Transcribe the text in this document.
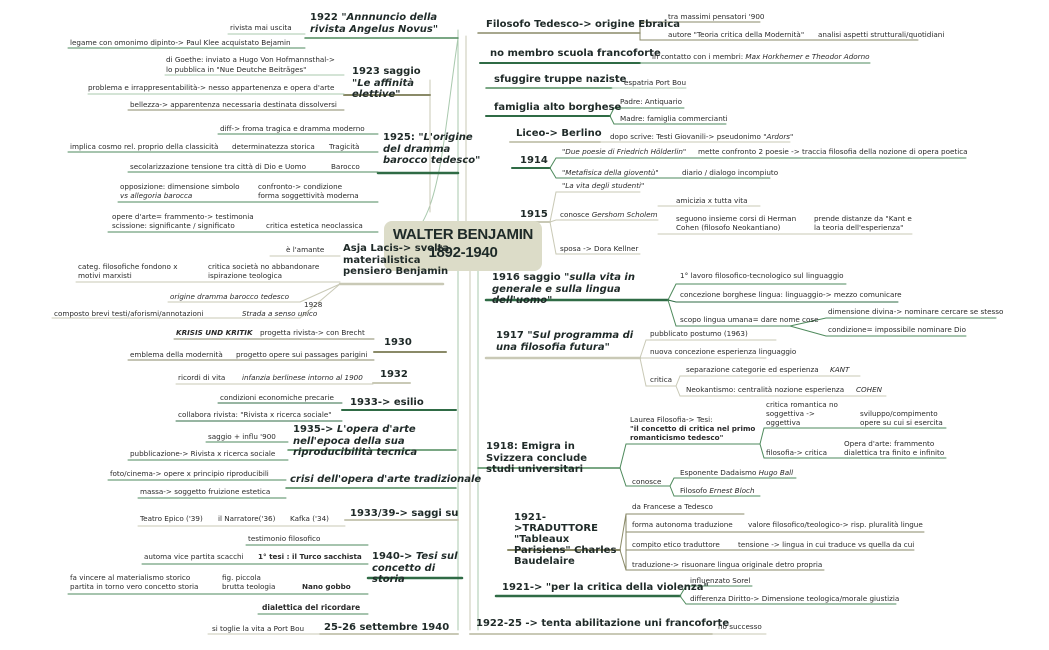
WALTER BENJAMIN
1892-1940
1922 "Annnuncio della rivista Angelus Novus"
rivista mai uscita
legame con omonimo dipinto-> Paul Klee acquistato Bejamin
1923 saggio "Le affinità elettive"
di Goethe: inviato a Hugo Von Hofmannsthal->
lo pubblica in "Nue Deutche Beiträges"
problema e irrappresentabilità-> nesso appartenenza e opera d'arte
bellezza-> apparentenza necessaria destinata dissolversi
1925: "L'origine del dramma barocco tedesco"
diff-> froma tragica e dramma moderno
implica cosmo rel. proprio della classicità determinatezza storica Tragicità
secolarizzazione tensione tra città di Dio e Uomo	Barocco
opposizione: dimensione simbolo
vs allegoria barocca
confronto-> condizione
forma soggettività moderna
opere d'arte= frammento-> testimonia
scissione: significante / significato	critica estetica neoclassica
Asja Lacis-> svolta materialistica pensiero Benjamin
è l'amante
categ. filosofiche fondono x
motivi marxisti
critica società no abbandonare
ispirazione teologica
origine dramma barocco tedesco
1928
composto brevi testi/aforismi/annotazioni	Strada a senso unico
1930
KRISIS UND KRITIK progetta rivista-> con Brecht
emblema della modernità progetto opere sui passages parigini
1932
ricordi di vita infanzia berlinese intorno al 1900
1933-> esilio
condizioni economiche precarie
collabora rivista: "Rivista x ricerca sociale"
1935-> L'opera d'arte nell'epoca della sua riproducibilità tecnica
saggio + influ '900
pubblicazione-> Rivista x ricerca sociale
crisi dell'opera d'arte tradizionale
foto/cinema-> opere x principio riproducibili
massa-> soggetto fruizione estetica
1933/39-> saggi su
Teatro Epico ('39) il Narratore('36) Kafka ('34)
1940-> Tesi sul concetto di storia
testimonio filosofico
automa vice partita scacchi 1° tesi : il Turco sacchista
fa vincere al materialismo storico
partita in torno vero concetto storia
fig. piccola
brutta teologia	Nano gobbo
dialettica del ricordare
25-26 settembre 1940
si toglie la vita a Port Bou
Filosofo Tedesco-> origine Ebraica
tra massimi pensatori '900
autore "Teoria critica della Modernità" analisi aspetti strutturali/quotidiani
no membro scuola francoforte
in contatto con i membri: Max Horkhemer e Theodor Adorno
sfuggire truppe naziste
espatria Port Bou
famiglia alto borghese
Padre: Antiquario
Madre: famiglia commercianti
Liceo-> Berlino dopo scrive: Testi Giovanili-> pseudonimo "Ardors"
1914
"Due poesie di Friedrich Hölderlin" mette confronto 2 poesie -> traccia filosofia della nozione di opera poetica
"Metafisica della gioventù"	diario / dialogo incompiuto
1915
"La vita degli studenti"
amicizia x tutta vita
conosce Gershom Scholem	seguono insieme corsi di Herman
Cohen (filosofo Neokantiano)
prende distanze da "Kant e
la teoria dell'esperienza"
sposa -> Dora Kellner
1916 saggio "sulla vita in generale e sulla lingua dell'uomo"
1° lavoro filosofico-tecnologico sul linguaggio
concezione borghese lingua: linguaggio-> mezzo comunicare
scopo lingua umana= dare nome cose
dimensione divina-> nominare cercare se stesso
condizione= impossibile nominare Dio
1917 "Sul programma di una filosofia futura"
pubblicato postumo (1963)
nuova concezione esperienza linguaggio
critica
separazione categorie ed esperienza KANT
Neokantismo: centralità nozione esperienza COHEN
1918: Emigra in Svizzera conclude studi universitari
Laurea Filosofia-> Tesi:
"il concetto di critica nel primo
romanticismo tedesco"
critica romantica no
soggettiva ->
oggettiva
sviluppo/compimento
opere su cui si esercita
filosofia-> critica
Opera d'arte: frammento
dialettica tra finito e infinito
conosce
Esponente Dadaismo Hugo Ball
Filosofo Ernest Bloch
1921->TRADUTTORE "Tableaux Parisiens" Charles Baudelaire
da Francese a Tedesco
forma autonoma traduzione valore filosofico/teologico-> risp. pluralità lingue
compito etico traduttore	tensione -> lingua in cui traduce vs quella da cui
traduzione-> risuonare lingua originale detro propria
1921-> "per la critica della violenza"
influenzato Sorel
differenza Diritto-> Dimensione teologica/morale giustizia
1922-25 -> tenta abilitazione uni francoforte
no successo
